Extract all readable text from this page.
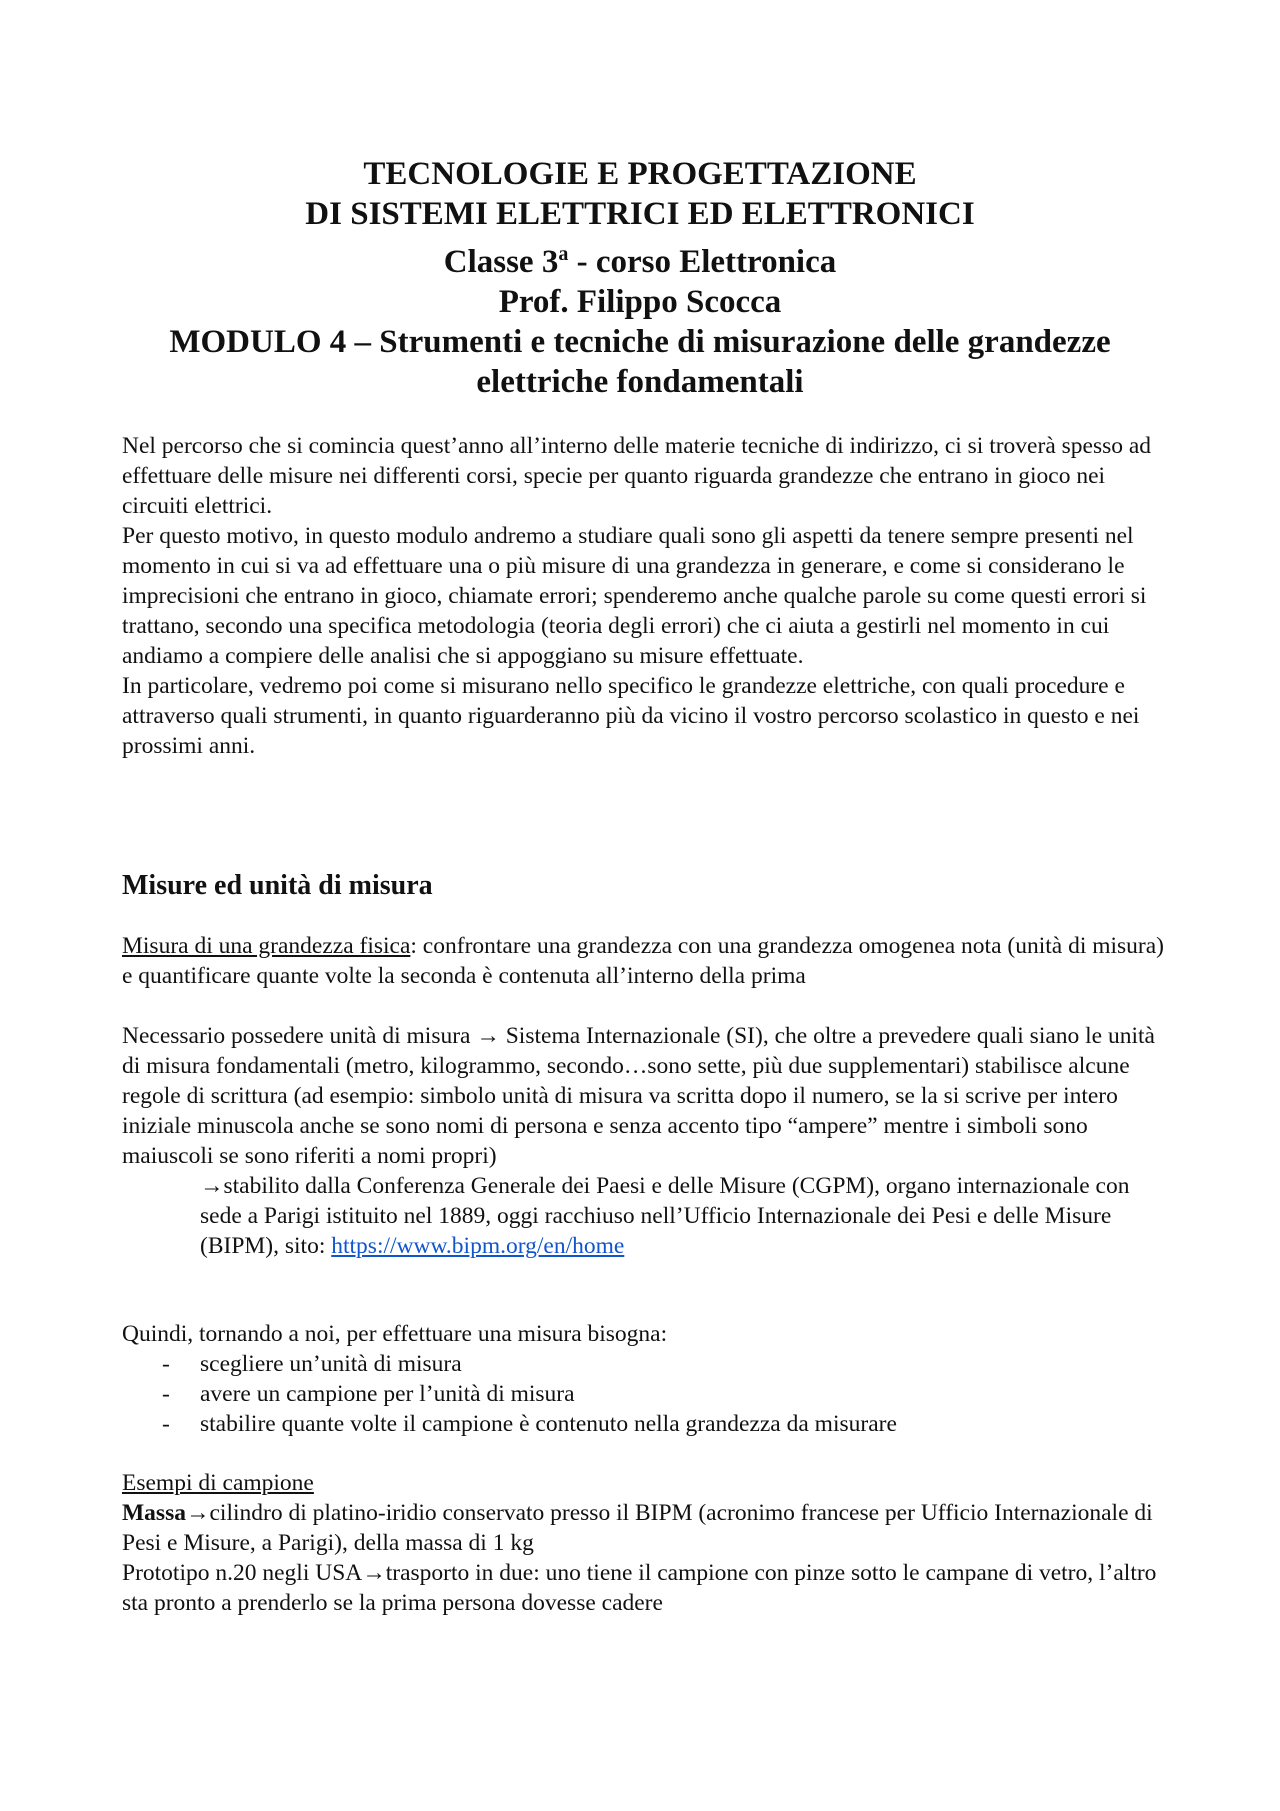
TECNOLOGIE E PROGETTAZIONE
DI SISTEMI ELETTRICI ED ELETTRONICI
Classe 3$^a$ - corso Elettronica
Prof. Filippo Scocca
MODULO 4 – Strumenti e tecniche di misurazione delle grandezze
elettriche fondamentali

Nel percorso che si comincia quest’anno all’interno delle materie tecniche di indirizzo, ci si troverà spesso ad effettuare delle misure nei differenti corsi, specie per quanto riguarda grandezze che entrano in gioco nei circuiti elettrici.

Per questo motivo, in questo modulo andremo a studiare quali sono gli aspetti da tenere sempre presenti nel momento in cui si va ad effettuare una o più misure di una grandezza in generare, e come si considerano le imprecisioni che entrano in gioco, chiamate errori; spenderemo anche qualche parole su come questi errori si trattano, secondo una specifica metodologia (teoria degli errori) che ci aiuta a gestirli nel momento in cui andiamo a compiere delle analisi che si appoggiano su misure effettuate.

In particolare, vedremo poi come si misurano nello specifico le grandezze elettriche, con quali procedure e attraverso quali strumenti, in quanto riguarderanno più da vicino il vostro percorso scolastico in questo e nei prossimi anni.

Misure ed unità di misura
Misura di una grandezza fisica: confrontare una grandezza con una grandezza omogenea nota (unità di misura) e quantificare quante volte la seconda è contenuta all’interno della prima
Necessario possedere unità di misura → Sistema Internazionale (SI), che oltre a prevedere quali siano le unità di misura fondamentali (metro, kilogrammo, secondo…sono sette, più due supplementari) stabilisce alcune regole di scrittura (ad esempio: simbolo unità di misura va scritta dopo il numero, se la si scrive per intero iniziale minuscola anche se sono nomi di persona e senza accento tipo “ampere” mentre i simboli sono maiuscoli se sono riferiti a nomi propri)
→stabilito dalla Conferenza Generale dei Paesi e delle Misure (CGPM), organo internazionale con sede a Parigi istituito nel 1889, oggi racchiuso nell’Ufficio Internazionale dei Pesi e delle Misure (BIPM), sito: https://www.bipm.org/en/home
Quindi, tornando a noi, per effettuare una misura bisogna:
- scegliere un’unità di misura
- avere un campione per l’unità di misura
- stabilire quante volte il campione è contenuto nella grandezza da misurare
Esempi di campione
Massa→cilindro di platino-iridio conservato presso il BIPM (acronimo francese per Ufficio Internazionale di Pesi e Misure, a Parigi), della massa di 1 kg
Prototipo n.20 negli USA→trasporto in due: uno tiene il campione con pinze sotto le campane di vetro, l’altro sta pronto a prenderlo se la prima persona dovesse cadere
